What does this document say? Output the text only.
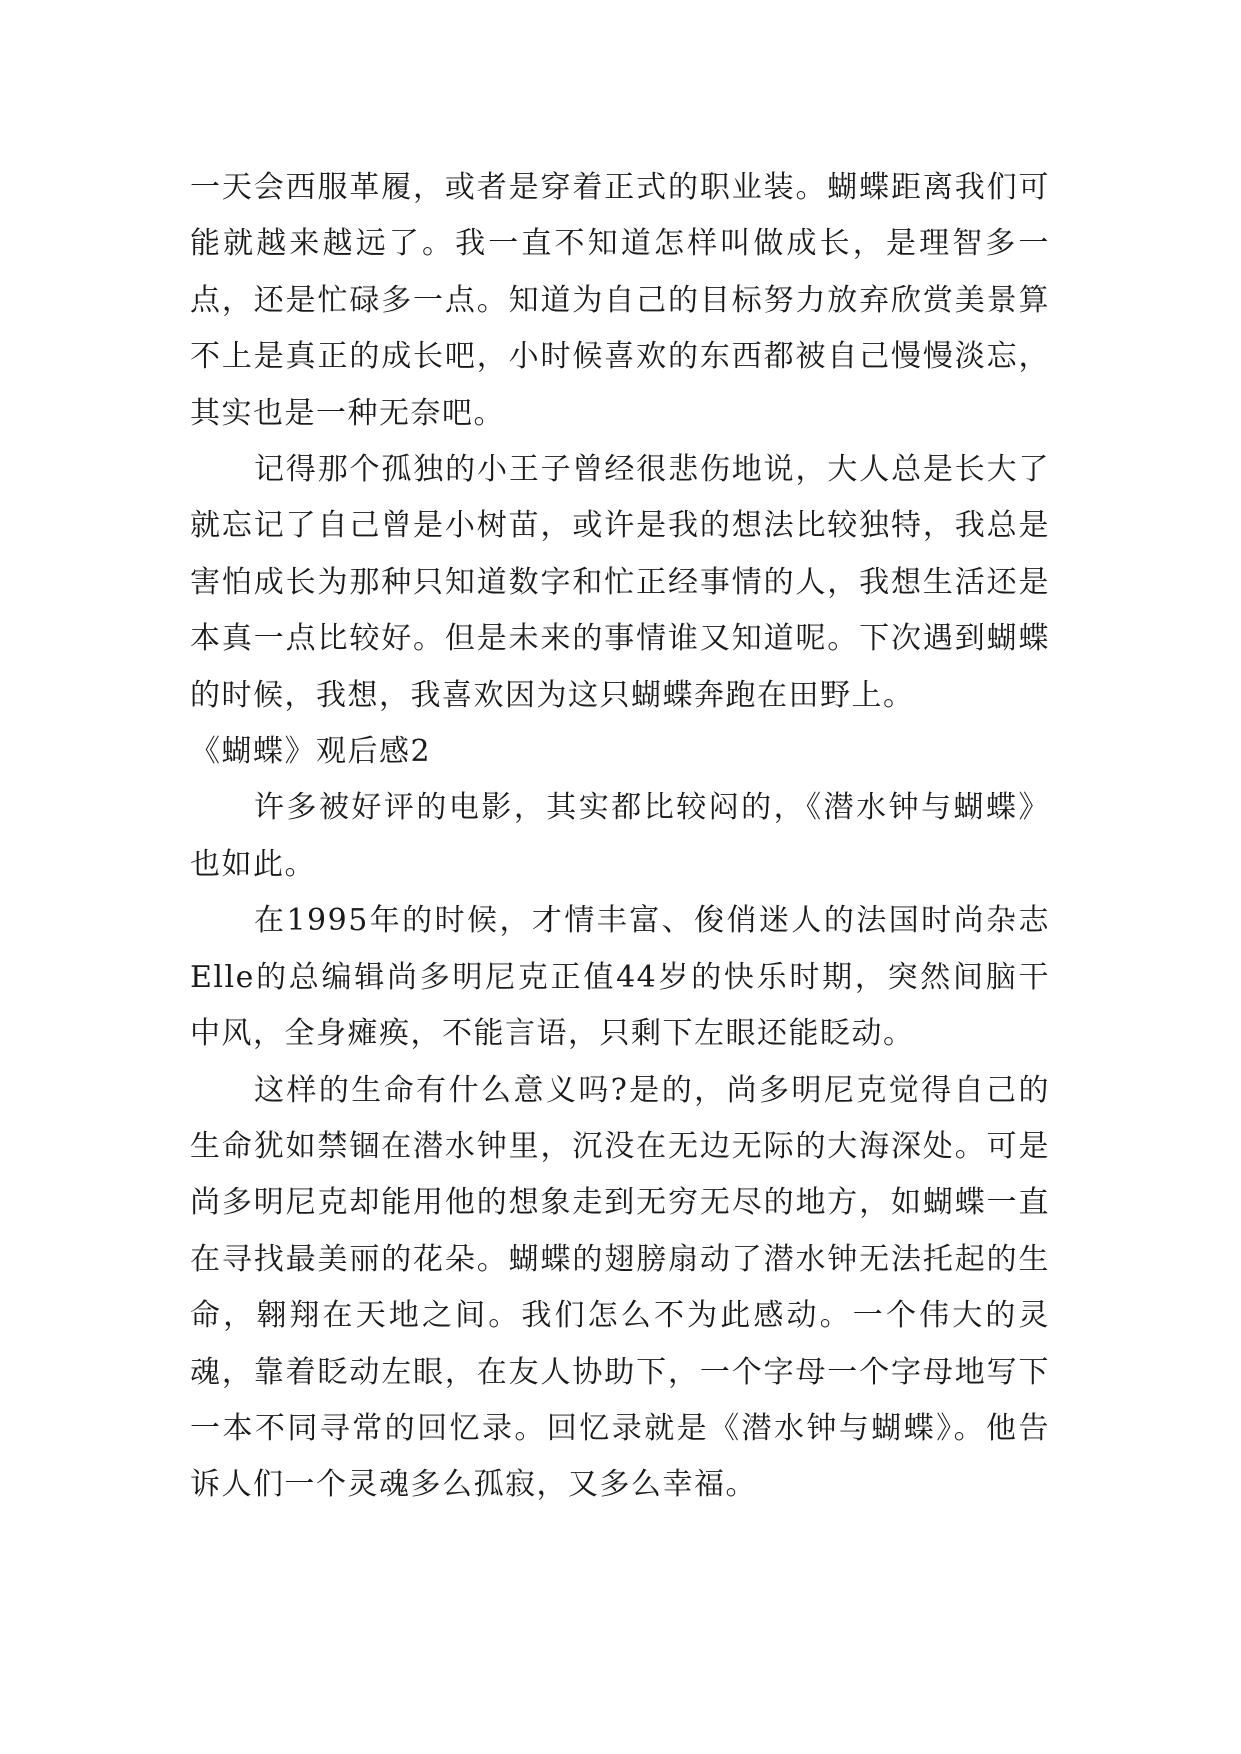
一天会西服革履，或者是穿着正式的职业装。蝴蝶距离我们可能就越来越远了。我一直不知道怎样叫做成长，是理智多一点，还是忙碌多一点。知道为自己的目标努力放弃欣赏美景算不上是真正的成长吧，小时候喜欢的东西都被自己慢慢淡忘，其实也是一种无奈吧。

记得那个孤独的小王子曾经很悲伤地说，大人总是长大了就忘记了自己曾是小树苗，或许是我的想法比较独特，我总是害怕成长为那种只知道数字和忙正经事情的人，我想生活还是本真一点比较好。但是未来的事情谁又知道呢。下次遇到蝴蝶的时候，我想，我喜欢因为这只蝴蝶奔跑在田野上。

《蝴蝶》观后感2

许多被好评的电影，其实都比较闷的，《潜水钟与蝴蝶》也如此。

在1995年的时候，才情丰富、俊俏迷人的法国时尚杂志Elle的总编辑尚多明尼克正值44岁的快乐时期，突然间脑干中风，全身瘫痪，不能言语，只剩下左眼还能眨动。

这样的生命有什么意义吗?是的，尚多明尼克觉得自己的生命犹如禁锢在潜水钟里，沉没在无边无际的大海深处。可是尚多明尼克却能用他的想象走到无穷无尽的地方，如蝴蝶一直在寻找最美丽的花朵。蝴蝶的翅膀扇动了潜水钟无法托起的生命，翱翔在天地之间。我们怎么不为此感动。一个伟大的灵魂，靠着眨动左眼，在友人协助下，一个字母一个字母地写下一本不同寻常的回忆录。回忆录就是《潜水钟与蝴蝶》。他告诉人们一个灵魂多么孤寂，又多么幸福。
